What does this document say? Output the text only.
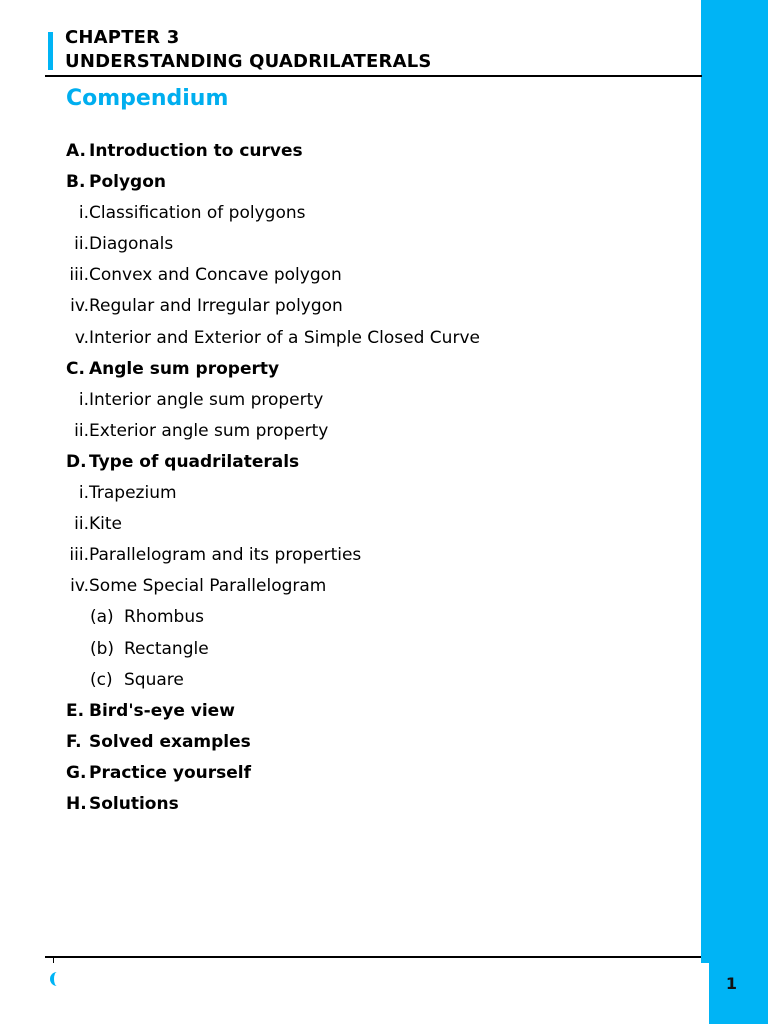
1
CHAPTER 3
UNDERSTANDING QUADRILATERALS
Compendium
A. Introduction to curves
B. Polygon
i.Classification of polygons
ii.Diagonals
iii.Convex and Concave polygon
iv.Regular and Irregular polygon
v.Interior and Exterior of a Simple Closed Curve
C. Angle sum property
i.Interior angle sum property
ii.Exterior angle sum property
D. Type of quadrilaterals
i.Trapezium
ii.Kite
iii.Parallelogram and its properties
iv.Some Special Parallelogram
(a) Rhombus
(b) Rectangle
(c) Square
E. Bird's-eye view
F. Solved examples
G. Practice yourself
H. Solutions
